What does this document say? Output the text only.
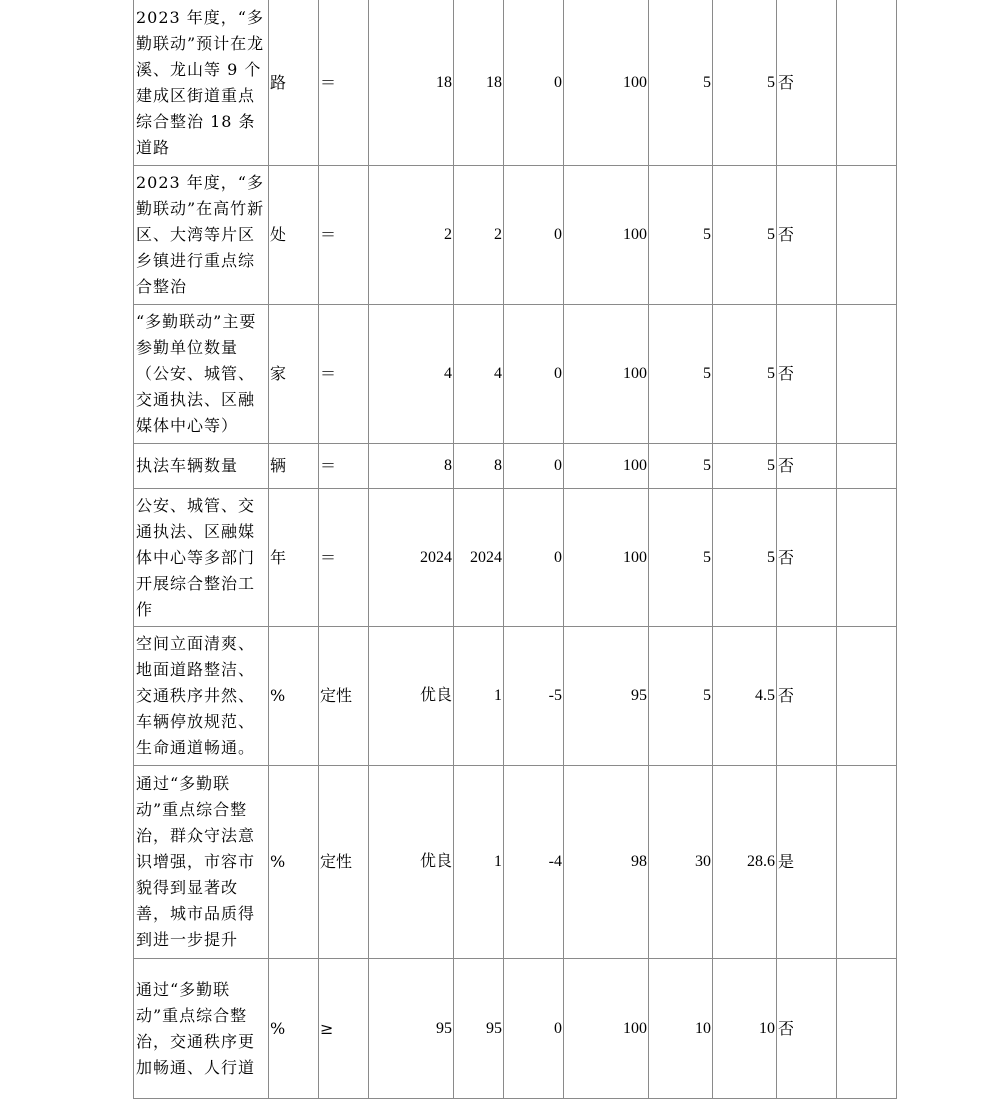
2023 年度，“多勤联动”预计在龙溪、龙山等 9 个建成区街道重点综合整治 18 条道路	路	＝	18	18	0	100	5	5	否	
2023 年度，“多勤联动”在高竹新区、大湾等片区乡镇进行重点综合整治	处	＝	2	2	0	100	5	5	否	
“多勤联动”主要参勤单位数量（公安、城管、交通执法、区融媒体中心等）	家	＝	4	4	0	100	5	5	否	
执法车辆数量	辆	＝	8	8	0	100	5	5	否	
公安、城管、交通执法、区融媒体中心等多部门开展综合整治工作	年	＝	2024	2024	0	100	5	5	否	
空间立面清爽、地面道路整洁、交通秩序井然、车辆停放规范、生命通道畅通。	%	定性	优良	1	-5	95	5	4.5	否	
通过“多勤联动”重点综合整治，群众守法意识增强，市容市貌得到显著改善，城市品质得到进一步提升	%	定性	优良	1	-4	98	30	28.6	是	
通过“多勤联动”重点综合整治，交通秩序更加畅通、人行道	%	≥	95	95	0	100	10	10	否	
